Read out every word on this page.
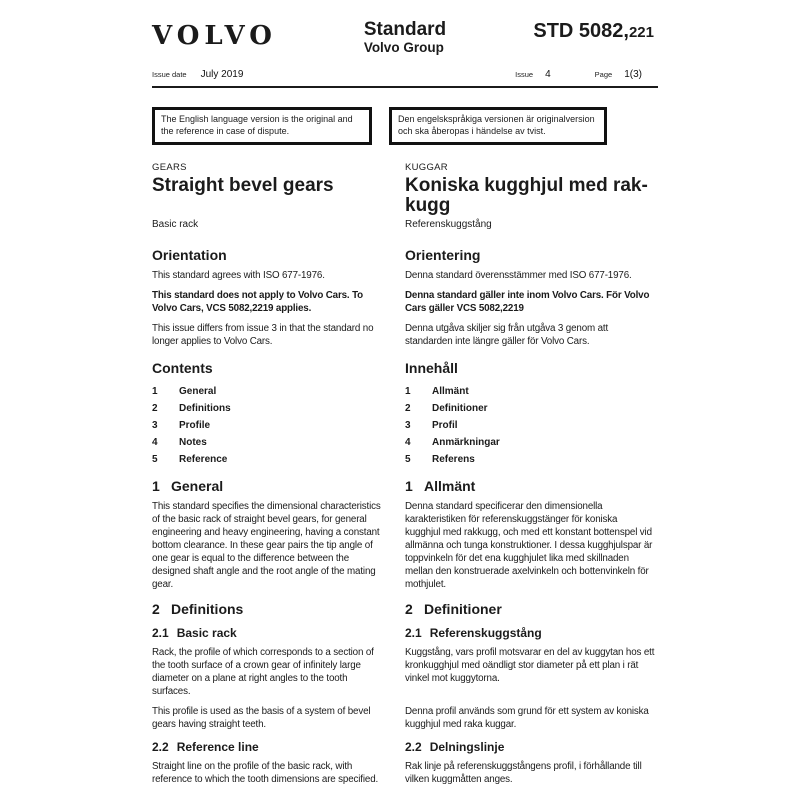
VOLVO	Standard
Volvo Group
STD 5082,221
Issue date July 2019	Issue 4	Page 1(3)
The English language version is the original and the reference in case of dispute.
Den engelskspråkiga versionen är originalversion och ska åberopas i händelse av tvist.
GEARS	KUGGAR
Straight bevel gears	Koniska kugghjul med rak-kugg
Basic rack	Referenskuggstång
Orientation	Orientering
This standard agrees with ISO 677-1976.	Denna standard överensstämmer med ISO 677-1976.
This standard does not apply to Volvo Cars. To Volvo Cars, VCS 5082,2219 applies.
Denna standard gäller inte inom Volvo Cars. För Volvo Cars gäller VCS 5082,2219
This issue differs from issue 3 in that the standard no longer applies to Volvo Cars.
Denna utgåva skiljer sig från utgåva 3 genom att standarden inte längre gäller för Volvo Cars.
Contents	Innehåll
1	General
2	Definitions
3	Profile
4	Notes
5	Reference
1	Allmänt
2	Definitioner
3	Profil
4	Anmärkningar
5	Referens
1 General	1 Allmänt
This standard specifies the dimensional characteristics of the basic rack of straight bevel gears, for general engineering and heavy engineering, having a constant bottom clearance. In these gear pairs the tip angle of one gear is equal to the difference between the designed shaft angle and the root angle of the mating gear.
Denna standard specificerar den dimensionella karakteristiken för referenskuggstänger för koniska kugghjul med rakkugg, och med ett konstant bottenspel vid allmänna och tunga konstruktioner. I dessa kugghjulspar är toppvinkeln för det ena kugghjulet lika med skillnaden mellan den konstruerade axelvinkeln och bottenvinkeln för mothjulet.
2 Definitions	2 Definitioner
2.1 Basic rack	2.1 Referenskuggstång
Rack, the profile of which corresponds to a section of the tooth surface of a crown gear of infinitely large diameter on a plane at right angles to the tooth surfaces.
Kuggstång, vars profil motsvarar en del av kuggytan hos ett kronkugghjul med oändligt stor diameter på ett plan i rät vinkel mot kuggytorna.
This profile is used as the basis of a system of bevel gears having straight teeth.
Denna profil används som grund för ett system av koniska kugghjul med raka kuggar.
2.2 Reference line	2.2 Delningslinje
Straight line on the profile of the basic rack, with reference to which the tooth dimensions are specified.
Rak linje på referenskuggstångens profil, i förhållande till vilken kuggmåtten anges.
